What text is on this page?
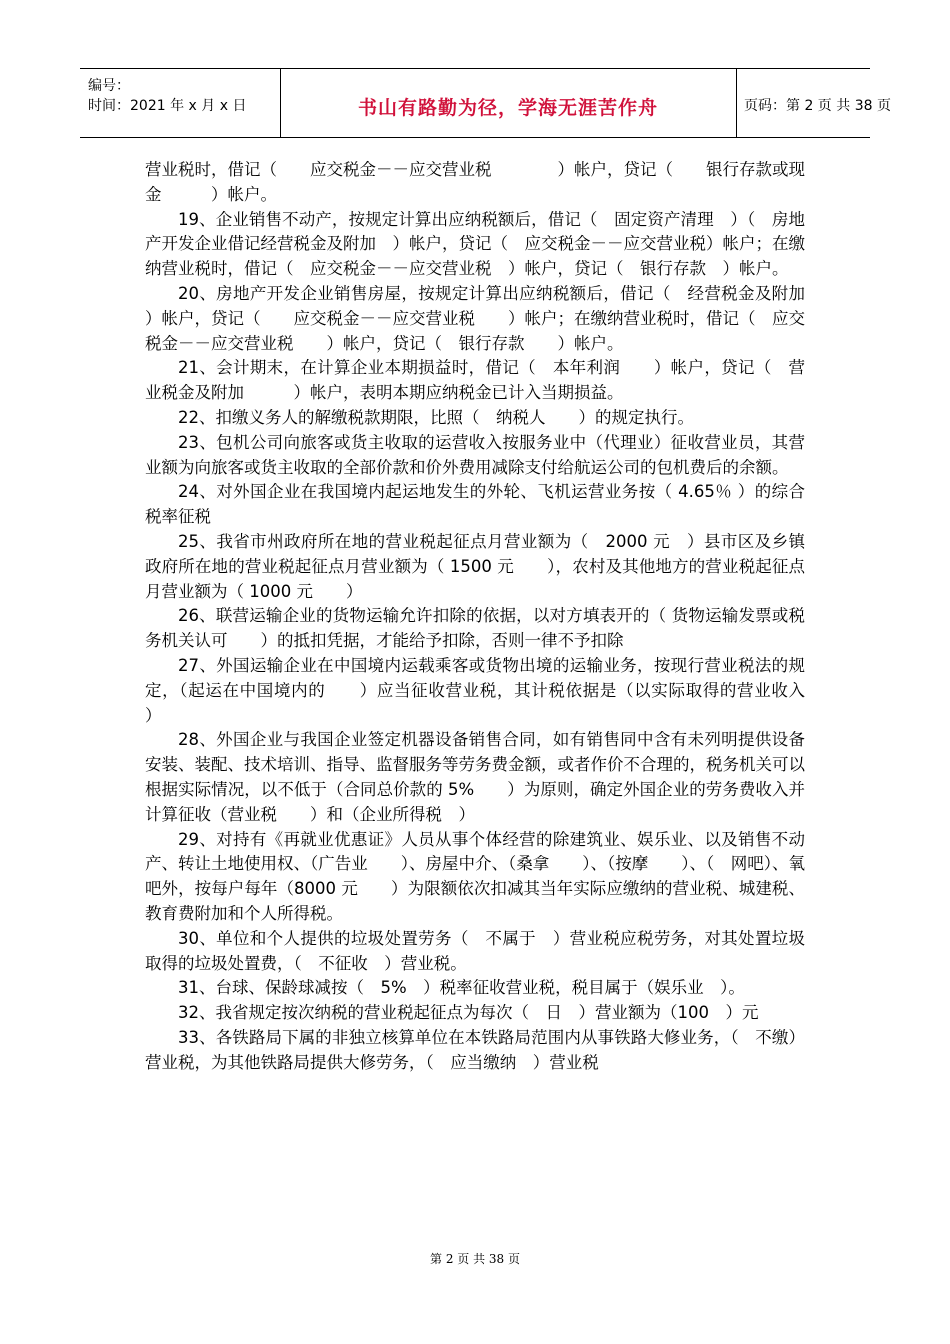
编号：
时间：2021 年 x 月 x 日	书山有路勤为径，学海无涯苦作舟	页码：第 2 页 共 38 页

营业税时，借记（　　应交税金－－应交营业税　　　　）帐户，贷记（　　银行存款或现金　　　）帐户。

19、企业销售不动产，按规定计算出应纳税额后，借记（　固定资产清理　）（　房地产开发企业借记经营税金及附加　）帐户，贷记（　应交税金－－应交营业税）帐户；在缴纳营业税时，借记（　应交税金－－应交营业税　）帐户，贷记（　银行存款　）帐户。

20、房地产开发企业销售房屋，按规定计算出应纳税额后，借记（　经营税金及附加　　　）帐户，贷记（　　应交税金－－应交营业税　　）帐户；在缴纳营业税时，借记（　应交税金－－应交营业税　　）帐户，贷记（　银行存款　　）帐户。

21、会计期末，在计算企业本期损益时，借记（　本年利润　　）帐户，贷记（　营业税金及附加　　　）帐户，表明本期应纳税金已计入当期损益。

22、扣缴义务人的解缴税款期限，比照（　纳税人　　）的规定执行。

23、包机公司向旅客或货主收取的运营收入按服务业中（代理业）征收营业员，其营业额为向旅客或货主收取的全部价款和价外费用减除支付给航运公司的包机费后的余额。

24、对外国企业在我国境内起运地发生的外轮、飞机运营业务按（ 4.65％ ）的综合税率征税

25、我省市州政府所在地的营业税起征点月营业额为（　2000 元　）县市区及乡镇政府所在地的营业税起征点月营业额为（ 1500 元　　），农村及其他地方的营业税起征点月营业额为（ 1000 元　　）

26、联营运输企业的货物运输允许扣除的依据，以对方填表开的（ 货物运输发票或税务机关认可　　）的抵扣凭据，才能给予扣除，否则一律不予扣除

27、外国运输企业在中国境内运载乘客或货物出境的运输业务，按现行营业税法的规定，（起运在中国境内的　　）应当征收营业税，其计税依据是（以实际取得的营业收入　　）

28、外国企业与我国企业签定机器设备销售合同，如有销售同中含有未列明提供设备安装、装配、技术培训、指导、监督服务等劳务费金额，或者作价不合理的，税务机关可以根据实际情况，以不低于（合同总价款的 5%　　）为原则，确定外国企业的劳务费收入并计算征收（营业税　　）和（企业所得税　）

29、对持有《再就业优惠证》人员从事个体经营的除建筑业、娱乐业、以及销售不动产、转让土地使用权、（广告业　　）、房屋中介、（桑拿　　）、（按摩　　）、（　网吧）、氧吧外，按每户每年（8000 元　　）为限额依次扣减其当年实际应缴纳的营业税、城建税、教育费附加和个人所得税。

30、单位和个人提供的垃圾处置劳务（　不属于　）营业税应税劳务，对其处置垃圾取得的垃圾处置费，（　不征收　）营业税。

31、台球、保龄球减按（　5%　）税率征收营业税，税目属于（娱乐业　）。

32、我省规定按次纳税的营业税起征点为每次（　日　）营业额为（100　）元

33、各铁路局下属的非独立核算单位在本铁路局范围内从事铁路大修业务，（　不缴）营业税，为其他铁路局提供大修劳务，（　应当缴纳　）营业税

第 2 页 共 38 页
